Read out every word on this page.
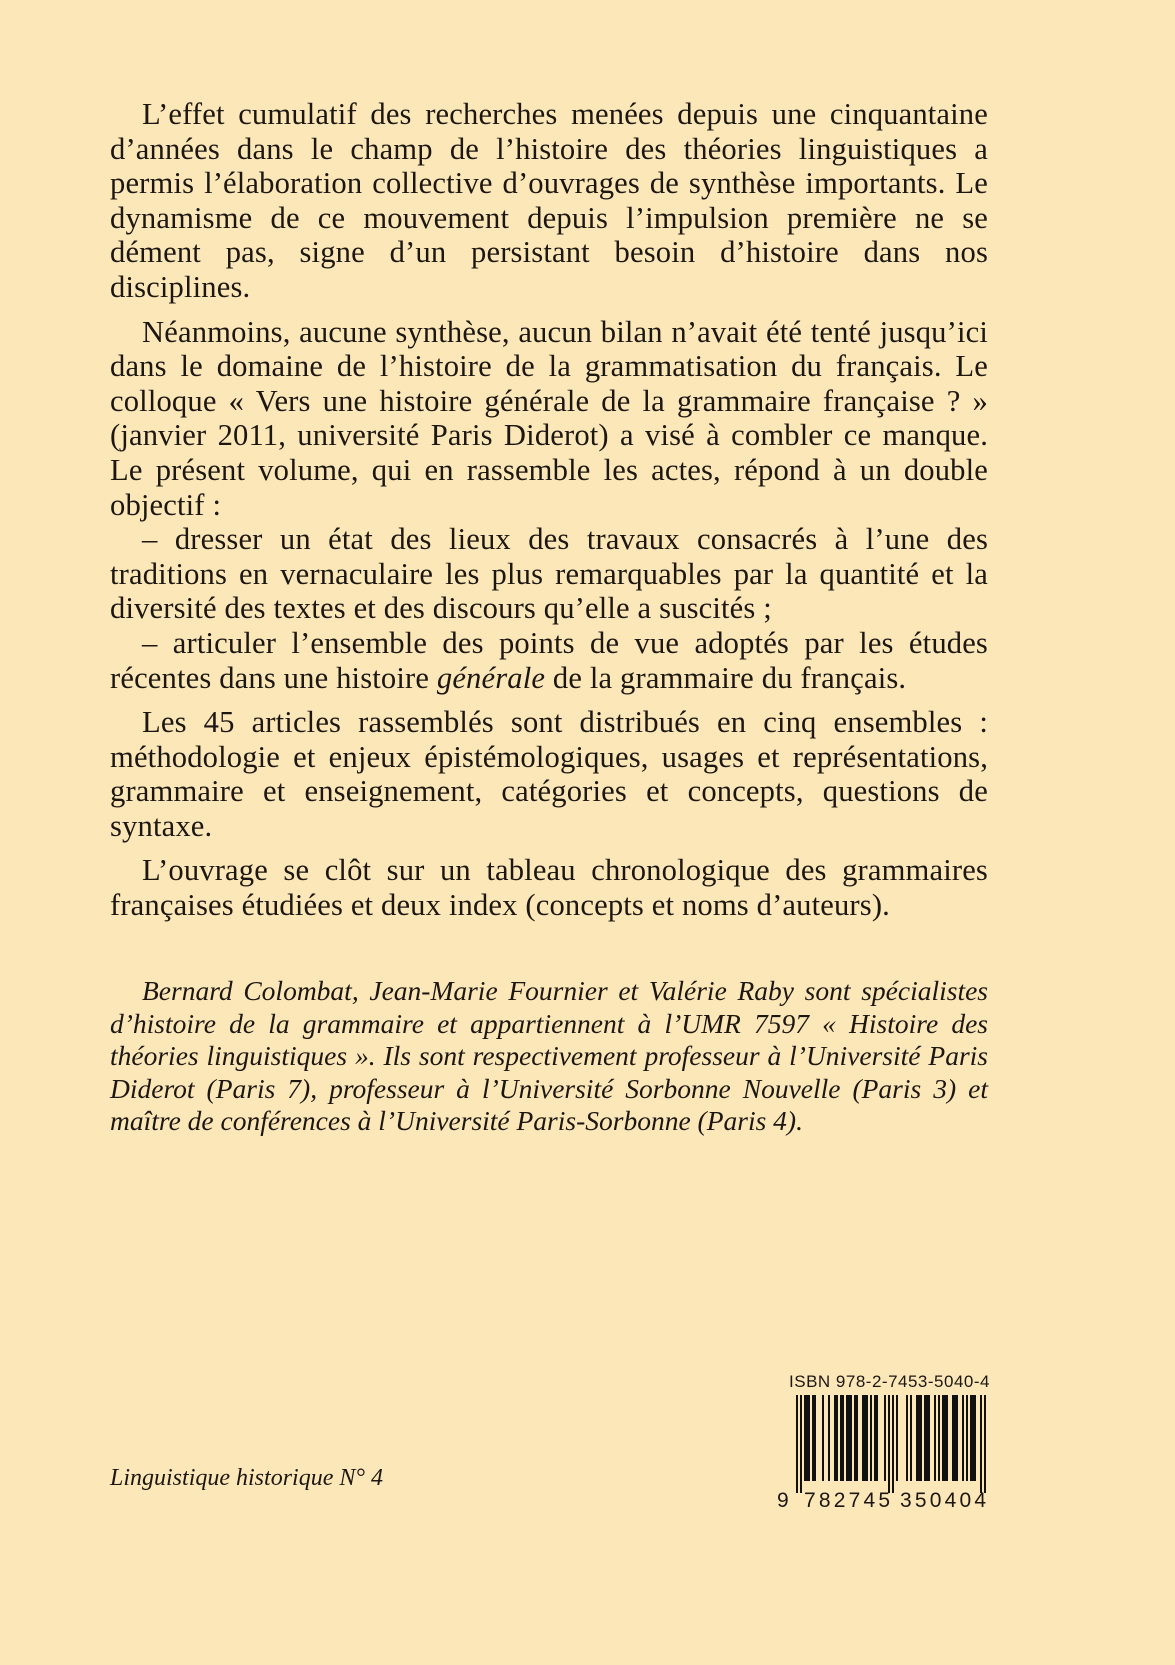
L’effet cumulatif des recherches menées depuis une cinquantaine d’années dans le champ de l’histoire des théories linguistiques a permis l’élaboration collective d’ouvrages de synthèse importants. Le dynamisme de ce mouvement depuis l’impulsion première ne se dément pas, signe d’un persistant besoin d’histoire dans nos disciplines.

Néanmoins, aucune synthèse, aucun bilan n’avait été tenté jusqu’ici dans le domaine de l’histoire de la grammatisation du français. Le colloque « Vers une histoire générale de la grammaire française ? » (janvier 2011, université Paris Diderot) a visé à combler ce manque. Le présent volume, qui en rassemble les actes, répond à un double objectif :

– dresser un état des lieux des travaux consacrés à l’une des traditions en vernaculaire les plus remarquables par la quantité et la diversité des textes et des discours qu’elle a suscités ;

– articuler l’ensemble des points de vue adoptés par les études récentes dans une histoire générale de la grammaire du français.

Les 45 articles rassemblés sont distribués en cinq ensembles : méthodologie et enjeux épistémologiques, usages et représentations, grammaire et enseignement, catégories et concepts, questions de syntaxe.

L’ouvrage se clôt sur un tableau chronologique des grammaires françaises étudiées et deux index (concepts et noms d’auteurs).

Bernard Colombat, Jean-Marie Fournier et Valérie Raby sont spécialistes d’histoire de la grammaire et appartiennent à l’UMR 7597 « Histoire des théories linguistiques ». Ils sont respectivement professeur à l’Université Paris Diderot (Paris 7), professeur à l’Université Sorbonne Nouvelle (Paris 3) et maître de conférences à l’Université Paris-Sorbonne (Paris 4).

Linguistique historique N° 4
ISBN 978-2-7453-5040-4
9 782745 350404
